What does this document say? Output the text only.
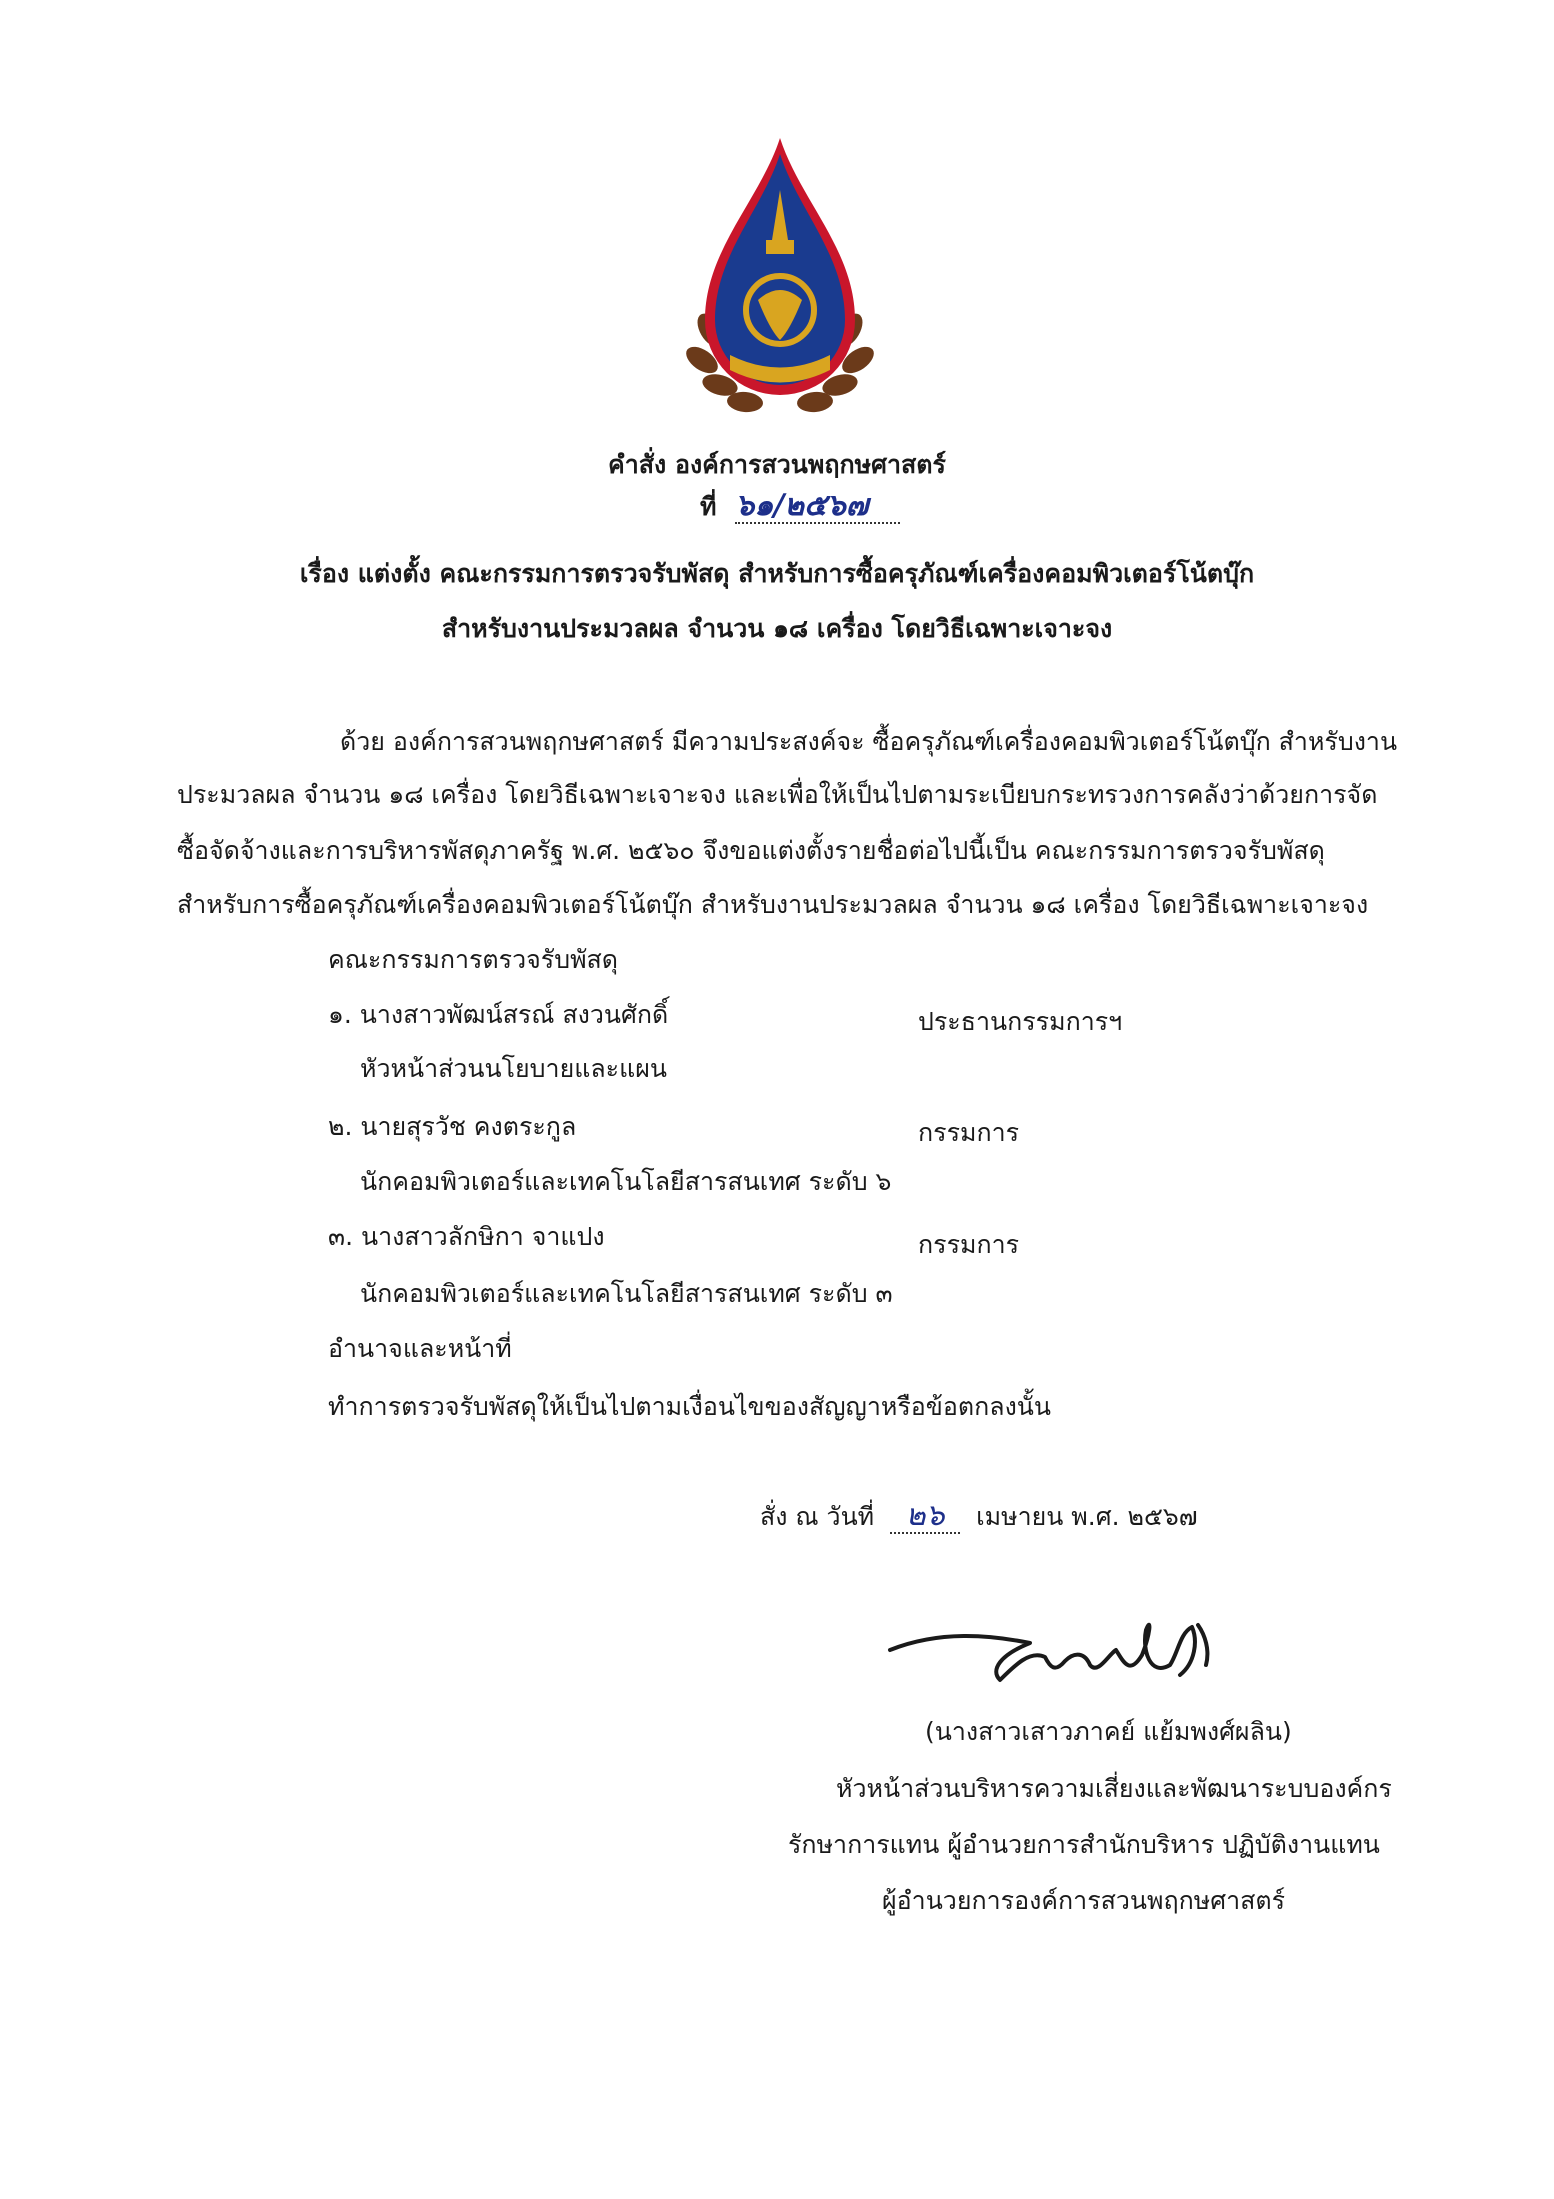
คำสั่ง องค์การสวนพฤกษศาสตร์
ที่ ๖๑/๒๕๖๗
เรื่อง แต่งตั้ง คณะกรรมการตรวจรับพัสดุ สำหรับการซื้อครุภัณฑ์เครื่องคอมพิวเตอร์โน้ตบุ๊ก
สำหรับงานประมวลผล จำนวน ๑๘ เครื่อง โดยวิธีเฉพาะเจาะจง
ด้วย องค์การสวนพฤกษศาสตร์ มีความประสงค์จะ ซื้อครุภัณฑ์เครื่องคอมพิวเตอร์โน้ตบุ๊ก สำหรับงาน
ประมวลผล จำนวน ๑๘ เครื่อง โดยวิธีเฉพาะเจาะจง และเพื่อให้เป็นไปตามระเบียบกระทรวงการคลังว่าด้วยการจัด
ซื้อจัดจ้างและการบริหารพัสดุภาครัฐ พ.ศ. ๒๕๖๐ จึงขอแต่งตั้งรายชื่อต่อไปนี้เป็น คณะกรรมการตรวจรับพัสดุ
สำหรับการซื้อครุภัณฑ์เครื่องคอมพิวเตอร์โน้ตบุ๊ก สำหรับงานประมวลผล จำนวน ๑๘ เครื่อง โดยวิธีเฉพาะเจาะจง
คณะกรรมการตรวจรับพัสดุ
๑. นางสาวพัฒน์สรณ์ สงวนศักดิ์	ประธานกรรมการฯ
หัวหน้าส่วนนโยบายและแผน
๒. นายสุรวัช คงตระกูล	กรรมการ
นักคอมพิวเตอร์และเทคโนโลยีสารสนเทศ ระดับ ๖
๓. นางสาวลักษิกา จาแปง	กรรมการ
นักคอมพิวเตอร์และเทคโนโลยีสารสนเทศ ระดับ ๓
อำนาจและหน้าที่
ทำการตรวจรับพัสดุให้เป็นไปตามเงื่อนไขของสัญญาหรือข้อตกลงนั้น
สั่ง ณ วันที่ ๒๖ เมษายน พ.ศ. ๒๕๖๗
(นางสาวเสาวภาคย์ แย้มพงศ์ผลิน)
หัวหน้าส่วนบริหารความเสี่ยงและพัฒนาระบบองค์กร
รักษาการแทน ผู้อำนวยการสำนักบริหาร ปฏิบัติงานแทน
ผู้อำนวยการองค์การสวนพฤกษศาสตร์
